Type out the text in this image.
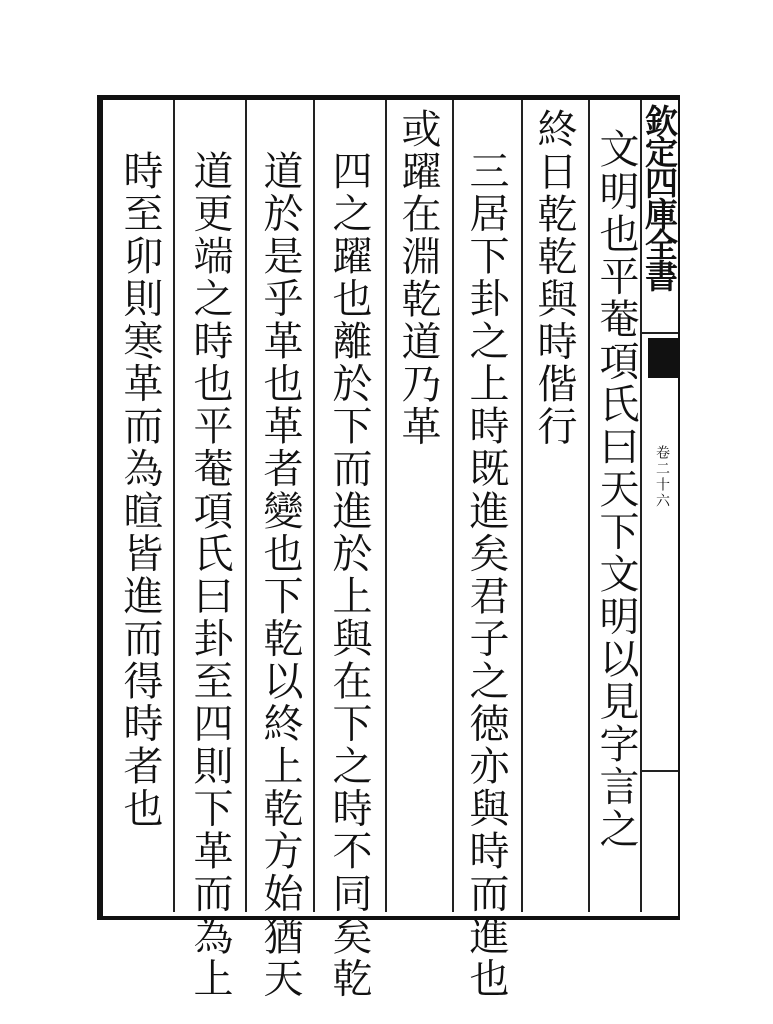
欽定四庫全書
卷二十六
文明也平菴項氏曰天下文明以見字言之
終日乾乾與時偕行
三居下卦之上時既進矣君子之徳亦與時而進也
或躍在淵乾道乃革
四之躍也離於下而進於上與在下之時不同矣乾
道於是乎革也革者變也下乾以終上乾方始猶天
道更端之時也平菴項氏曰卦至四則下革而為上
時至卯則寒革而為暄皆進而得時者也
